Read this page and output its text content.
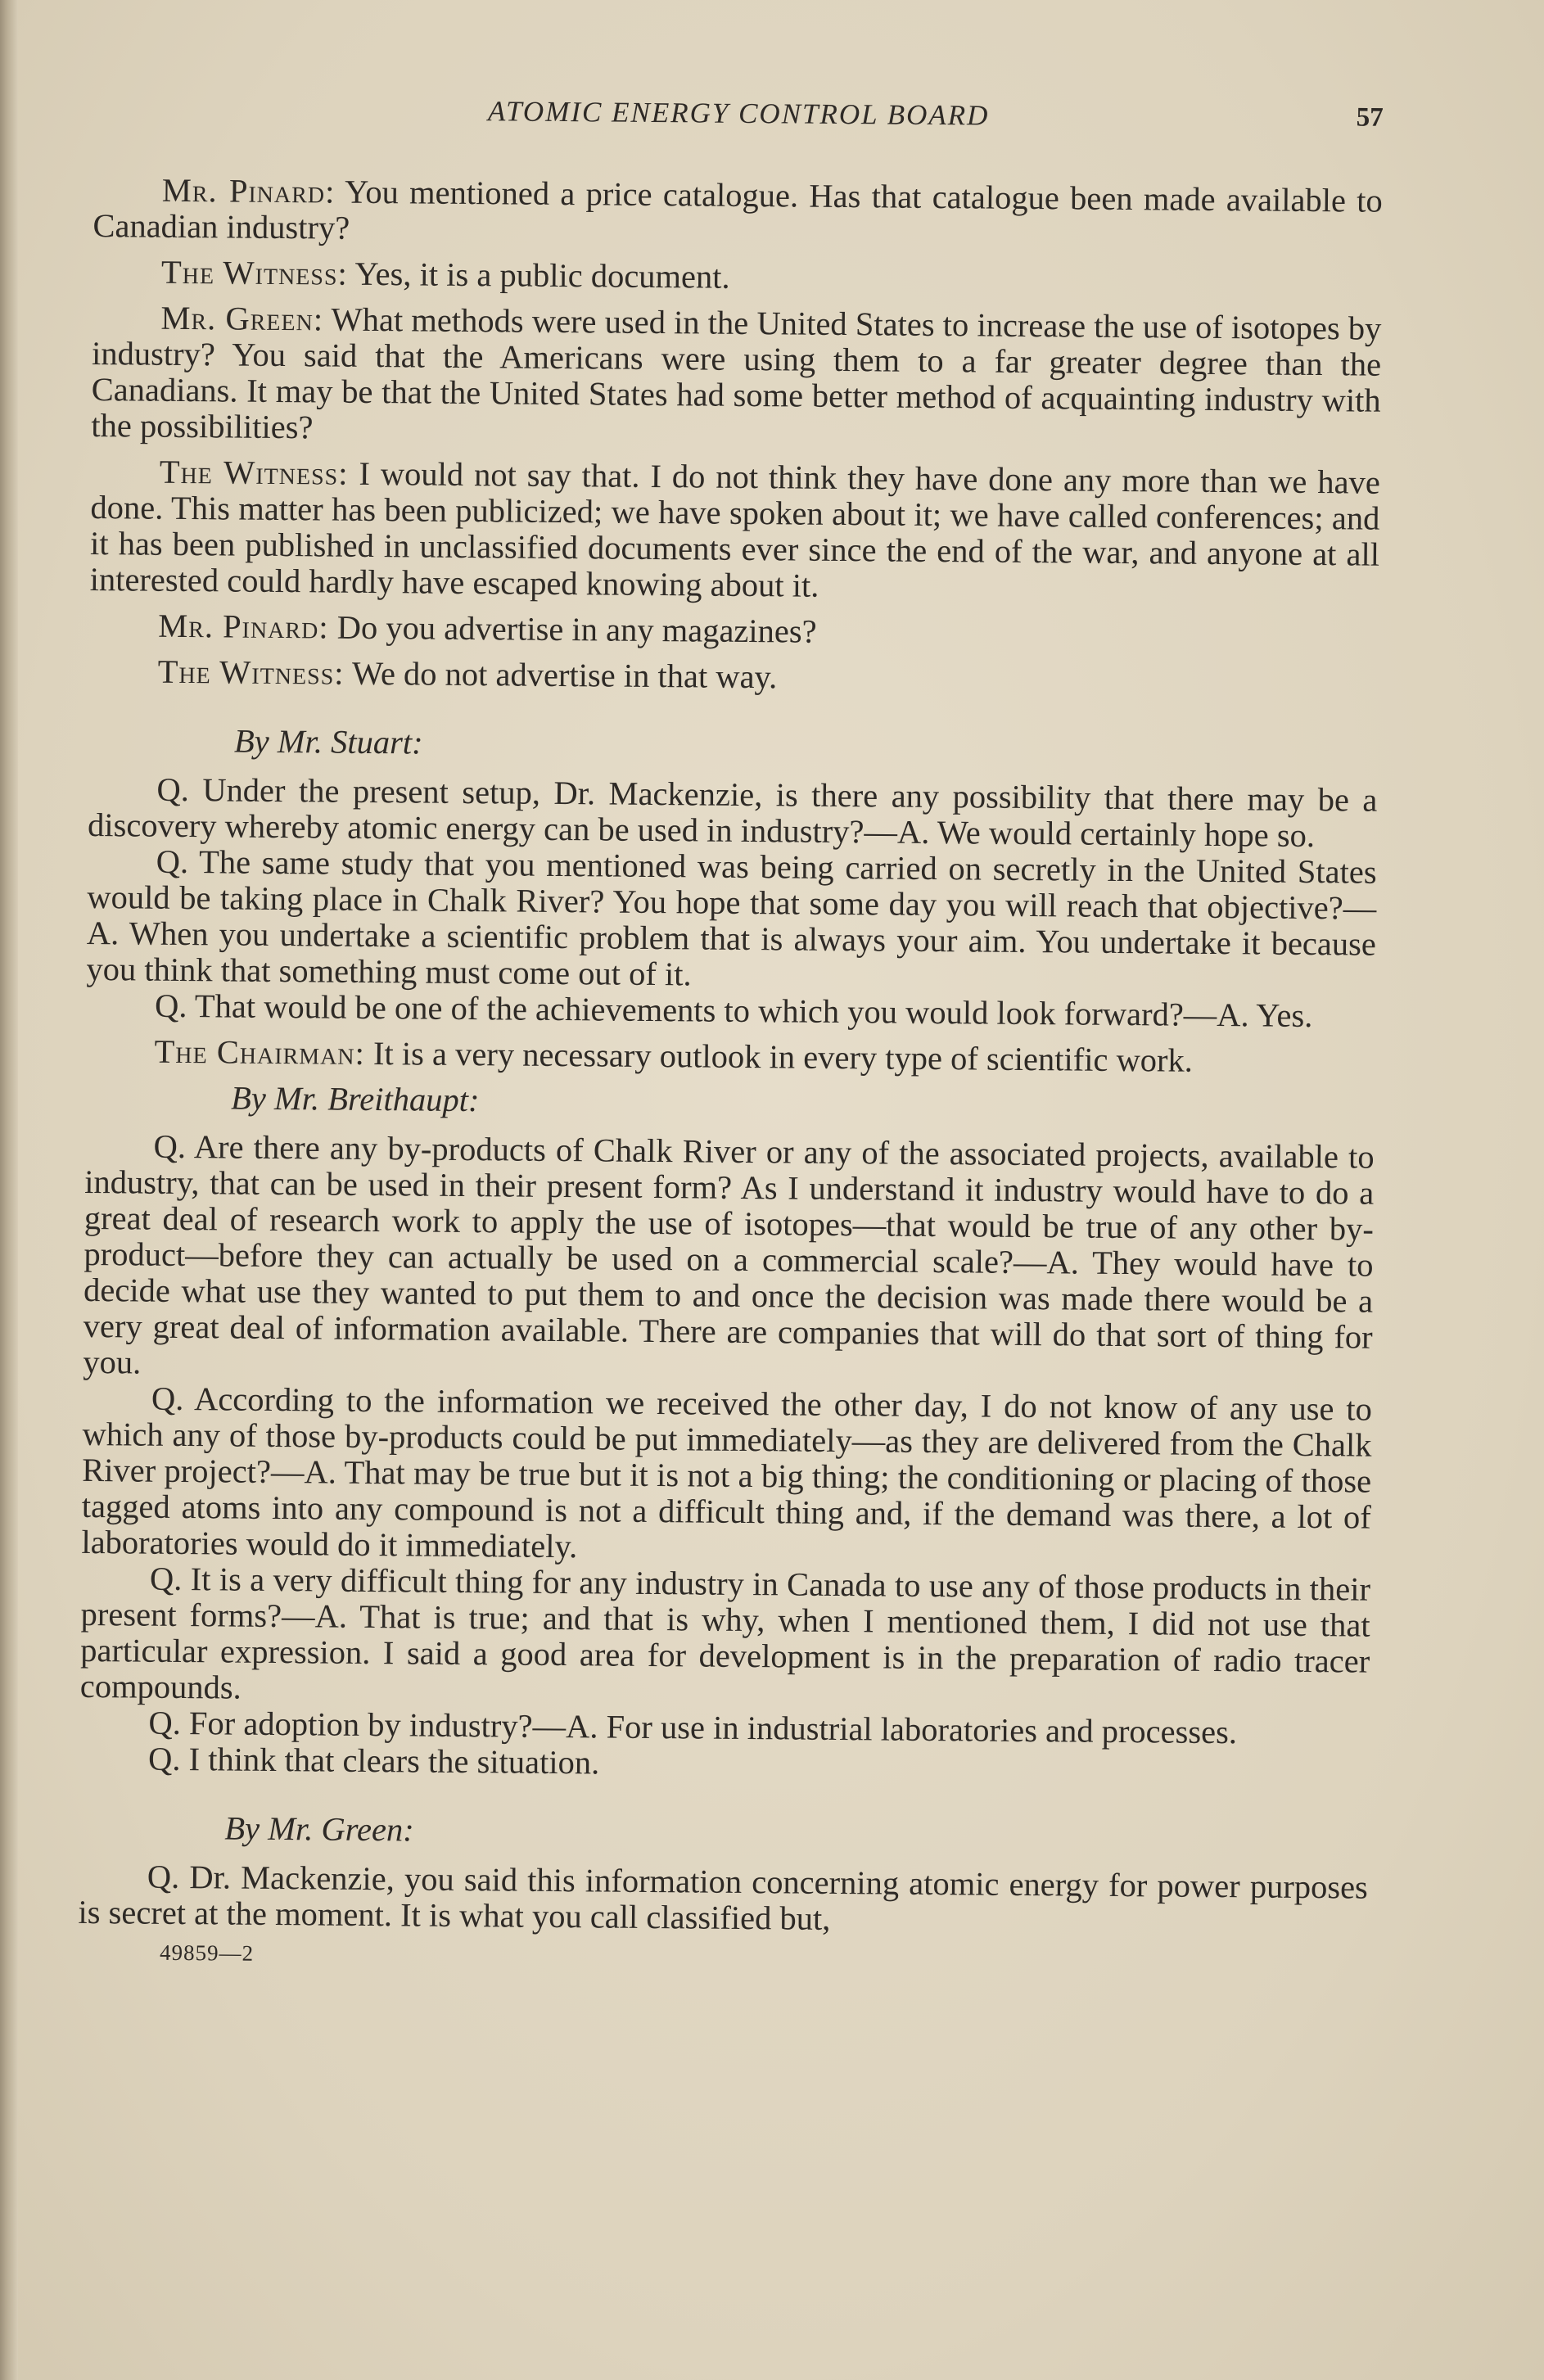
ATOMIC ENERGY CONTROL BOARD	57

Mr. Pinard: You mentioned a price catalogue. Has that catalogue been made available to Canadian industry?

The Witness: Yes, it is a public document.

Mr. Green: What methods were used in the United States to increase the use of isotopes by industry? You said that the Americans were using them to a far greater degree than the Canadians. It may be that the United States had some better method of acquainting industry with the possibilities?

The Witness: I would not say that. I do not think they have done any more than we have done. This matter has been publicized; we have spoken about it; we have called conferences; and it has been published in unclassified documents ever since the end of the war, and anyone at all interested could hardly have escaped knowing about it.

Mr. Pinard: Do you advertise in any magazines?

The Witness: We do not advertise in that way.

By Mr. Stuart:

Q. Under the present setup, Dr. Mackenzie, is there any possibility that there may be a discovery whereby atomic energy can be used in industry?—A. We would certainly hope so.

Q. The same study that you mentioned was being carried on secretly in the United States would be taking place in Chalk River? You hope that some day you will reach that objective?—A. When you undertake a scientific problem that is always your aim. You undertake it because you think that something must come out of it.

Q. That would be one of the achievements to which you would look forward?—A. Yes.

The Chairman: It is a very necessary outlook in every type of scientific work.

By Mr. Breithaupt:

Q. Are there any by-products of Chalk River or any of the associated projects, available to industry, that can be used in their present form? As I understand it industry would have to do a great deal of research work to apply the use of isotopes—that would be true of any other by-product—before they can actually be used on a commercial scale?—A. They would have to decide what use they wanted to put them to and once the decision was made there would be a very great deal of information available. There are companies that will do that sort of thing for you.

Q. According to the information we received the other day, I do not know of any use to which any of those by-products could be put immediately—as they are delivered from the Chalk River project?—A. That may be true but it is not a big thing; the conditioning or placing of those tagged atoms into any compound is not a difficult thing and, if the demand was there, a lot of laboratories would do it immediately.

Q. It is a very difficult thing for any industry in Canada to use any of those products in their present forms?—A. That is true; and that is why, when I mentioned them, I did not use that particular expression. I said a good area for development is in the preparation of radio tracer compounds.

Q. For adoption by industry?—A. For use in industrial laboratories and processes.

Q. I think that clears the situation.

By Mr. Green:

Q. Dr. Mackenzie, you said this information concerning atomic energy for power purposes is secret at the moment. It is what you call classified but,

49859—2
